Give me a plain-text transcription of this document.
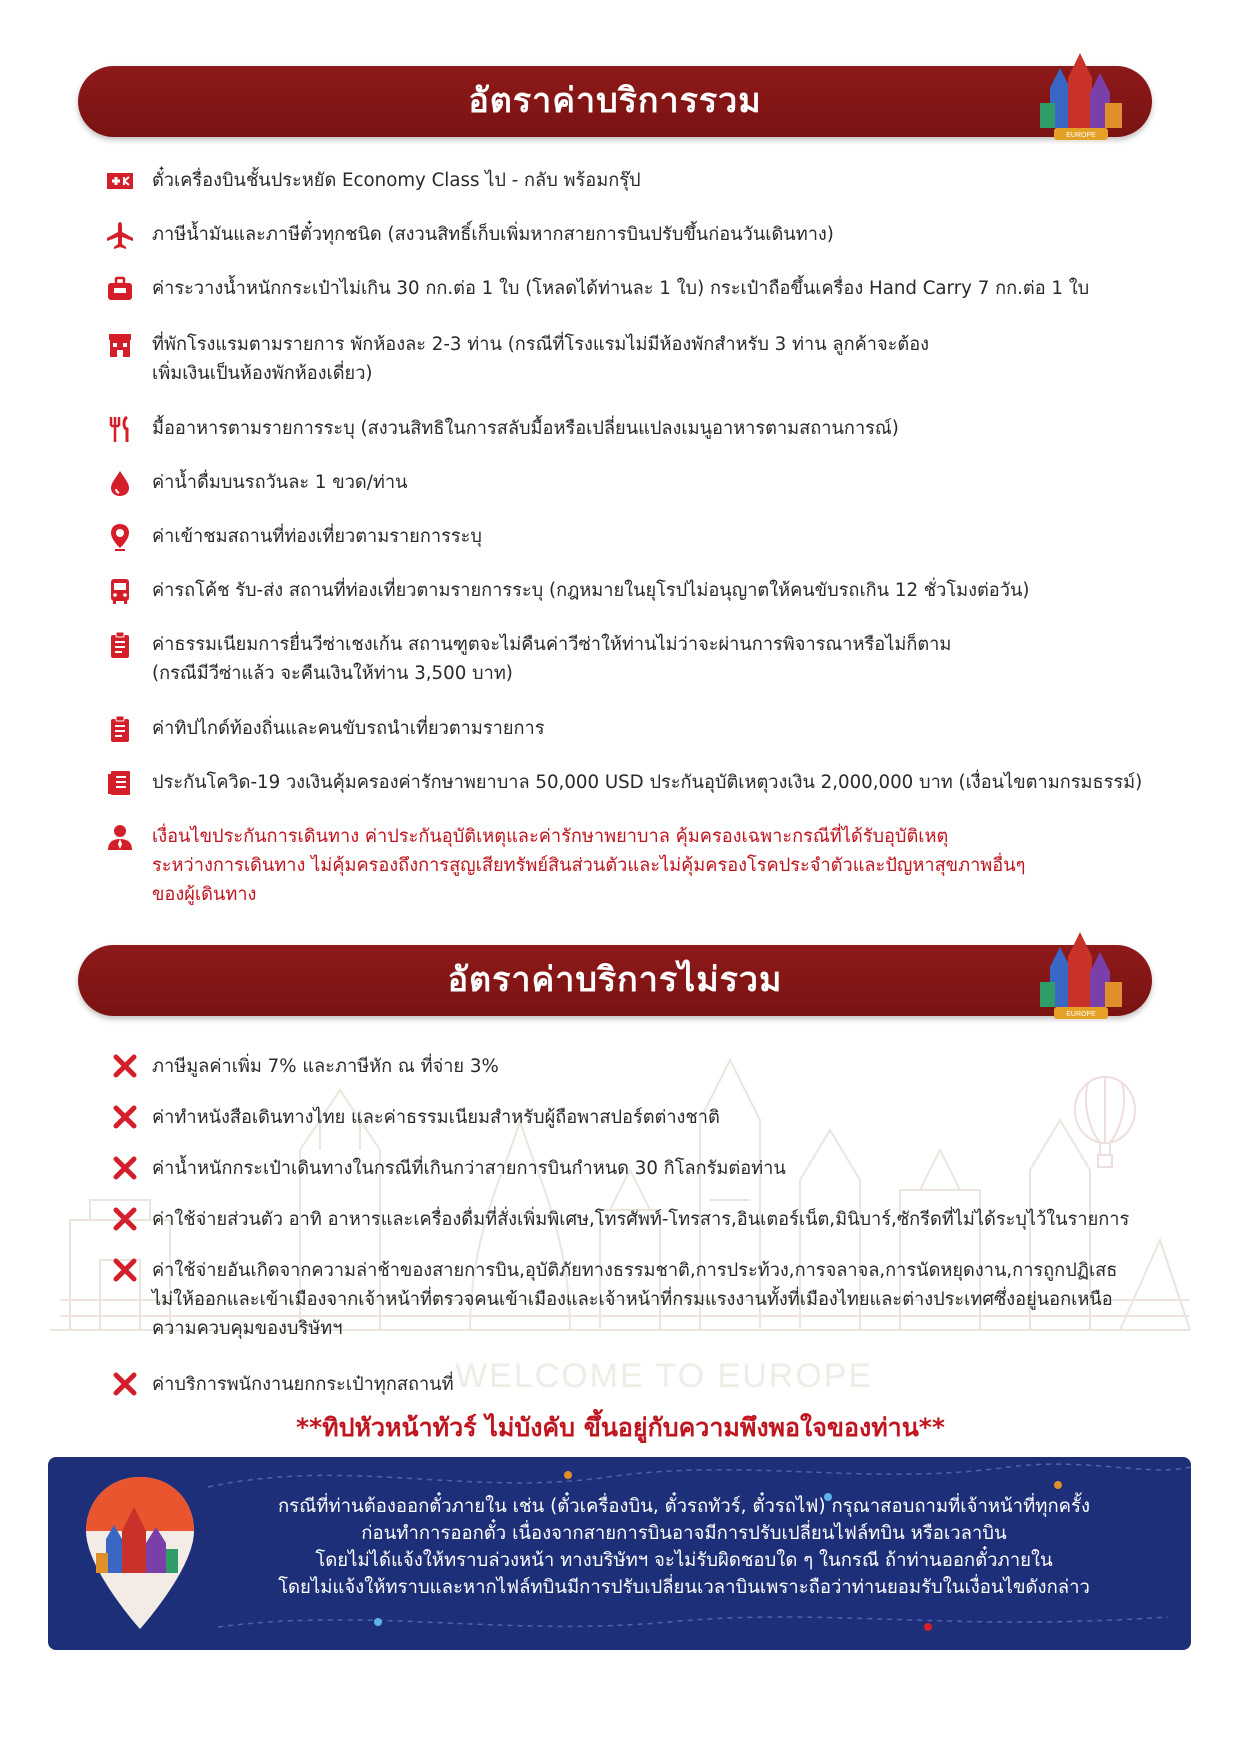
WELCOME TO EUROPE
อัตราค่าบริการรวม
EUROPE
ตั๋วเครื่องบินชั้นประหยัด Economy Class ไป - กลับ พร้อมกรุ๊ป
ภาษีน้ำมันและภาษีตั๋วทุกชนิด (สงวนสิทธิ์เก็บเพิ่มหากสายการบินปรับขึ้นก่อนวันเดินทาง)
ค่าระวางน้ำหนักกระเป๋าไม่เกิน 30 กก.ต่อ 1 ใบ (โหลดได้ท่านละ 1 ใบ) กระเป๋าถือขึ้นเครื่อง Hand Carry 7 กก.ต่อ 1 ใบ
ที่พักโรงแรมตามรายการ พักห้องละ 2-3 ท่าน (กรณีที่โรงแรมไม่มีห้องพักสำหรับ 3 ท่าน ลูกค้าจะต้อง
เพิ่มเงินเป็นห้องพักห้องเดี่ยว)
มื้ออาหารตามรายการระบุ (สงวนสิทธิในการสลับมื้อหรือเปลี่ยนแปลงเมนูอาหารตามสถานการณ์)
ค่าน้ำดื่มบนรถวันละ 1 ขวด/ท่าน
ค่าเข้าชมสถานที่ท่องเที่ยวตามรายการระบุ
ค่ารถโค้ช รับ-ส่ง สถานที่ท่องเที่ยวตามรายการระบุ (กฎหมายในยุโรปไม่อนุญาตให้คนขับรถเกิน 12 ชั่วโมงต่อวัน)
ค่าธรรมเนียมการยื่นวีซ่าเชงเก้น สถานฑูตจะไม่คืนค่าวีซ่าให้ท่านไม่ว่าจะผ่านการพิจารณาหรือไม่ก็ตาม
(กรณีมีวีซ่าแล้ว จะคืนเงินให้ท่าน 3,500 บาท)
ค่าทิปไกด์ท้องถิ่นและคนขับรถนำเที่ยวตามรายการ
ประกันโควิด-19 วงเงินคุ้มครองค่ารักษาพยาบาล 50,000 USD ประกันอุบัติเหตุวงเงิน 2,000,000 บาท (เงื่อนไขตามกรมธรรม์)
เงื่อนไขประกันการเดินทาง ค่าประกันอุบัติเหตุและค่ารักษาพยาบาล คุ้มครองเฉพาะกรณีที่ได้รับอุบัติเหตุ
ระหว่างการเดินทาง ไม่คุ้มครองถึงการสูญเสียทรัพย์สินส่วนตัวและไม่คุ้มครองโรคประจำตัวและปัญหาสุขภาพอื่นๆ
ของผู้เดินทาง
อัตราค่าบริการไม่รวม
EUROPE
ภาษีมูลค่าเพิ่ม 7% และภาษีหัก ณ ที่จ่าย 3%
ค่าทำหนังสือเดินทางไทย และค่าธรรมเนียมสำหรับผู้ถือพาสปอร์ตต่างชาติ
ค่าน้ำหนักกระเป๋าเดินทางในกรณีที่เกินกว่าสายการบินกำหนด 30 กิโลกรัมต่อท่าน
ค่าใช้จ่ายส่วนตัว อาทิ อาหารและเครื่องดื่มที่สั่งเพิ่มพิเศษ,โทรศัพท์-โทรสาร,อินเตอร์เน็ต,มินิบาร์,ซักรีดที่ไม่ได้ระบุไว้ในรายการ
ค่าใช้จ่ายอันเกิดจากความล่าช้าของสายการบิน,อุบัติภัยทางธรรมชาติ,การประท้วง,การจลาจล,การนัดหยุดงาน,การถูกปฏิเสธ
ไม่ให้ออกและเข้าเมืองจากเจ้าหน้าที่ตรวจคนเข้าเมืองและเจ้าหน้าที่กรมแรงงานทั้งที่เมืองไทยและต่างประเทศซึ่งอยู่นอกเหนือ
ความควบคุมของบริษัทฯ
ค่าบริการพนักงานยกกระเป๋าทุกสถานที่
**ทิปหัวหน้าทัวร์ ไม่บังคับ ขึ้นอยู่กับความพึงพอใจของท่าน**
กรณีที่ท่านต้องออกตั๋วภายใน เช่น (ตั๋วเครื่องบิน, ตั๋วรถทัวร์, ตั๋วรถไฟ) กรุณาสอบถามที่เจ้าหน้าที่ทุกครั้ง
ก่อนทำการออกตั๋ว เนื่องจากสายการบินอาจมีการปรับเปลี่ยนไฟล์ทบิน หรือเวลาบิน
โดยไม่ได้แจ้งให้ทราบล่วงหน้า ทางบริษัทฯ จะไม่รับผิดชอบใด ๆ ในกรณี ถ้าท่านออกตั๋วภายใน
โดยไม่แจ้งให้ทราบและหากไฟล์ทบินมีการปรับเปลี่ยนเวลาบินเพราะถือว่าท่านยอมรับในเงื่อนไขดังกล่าว
